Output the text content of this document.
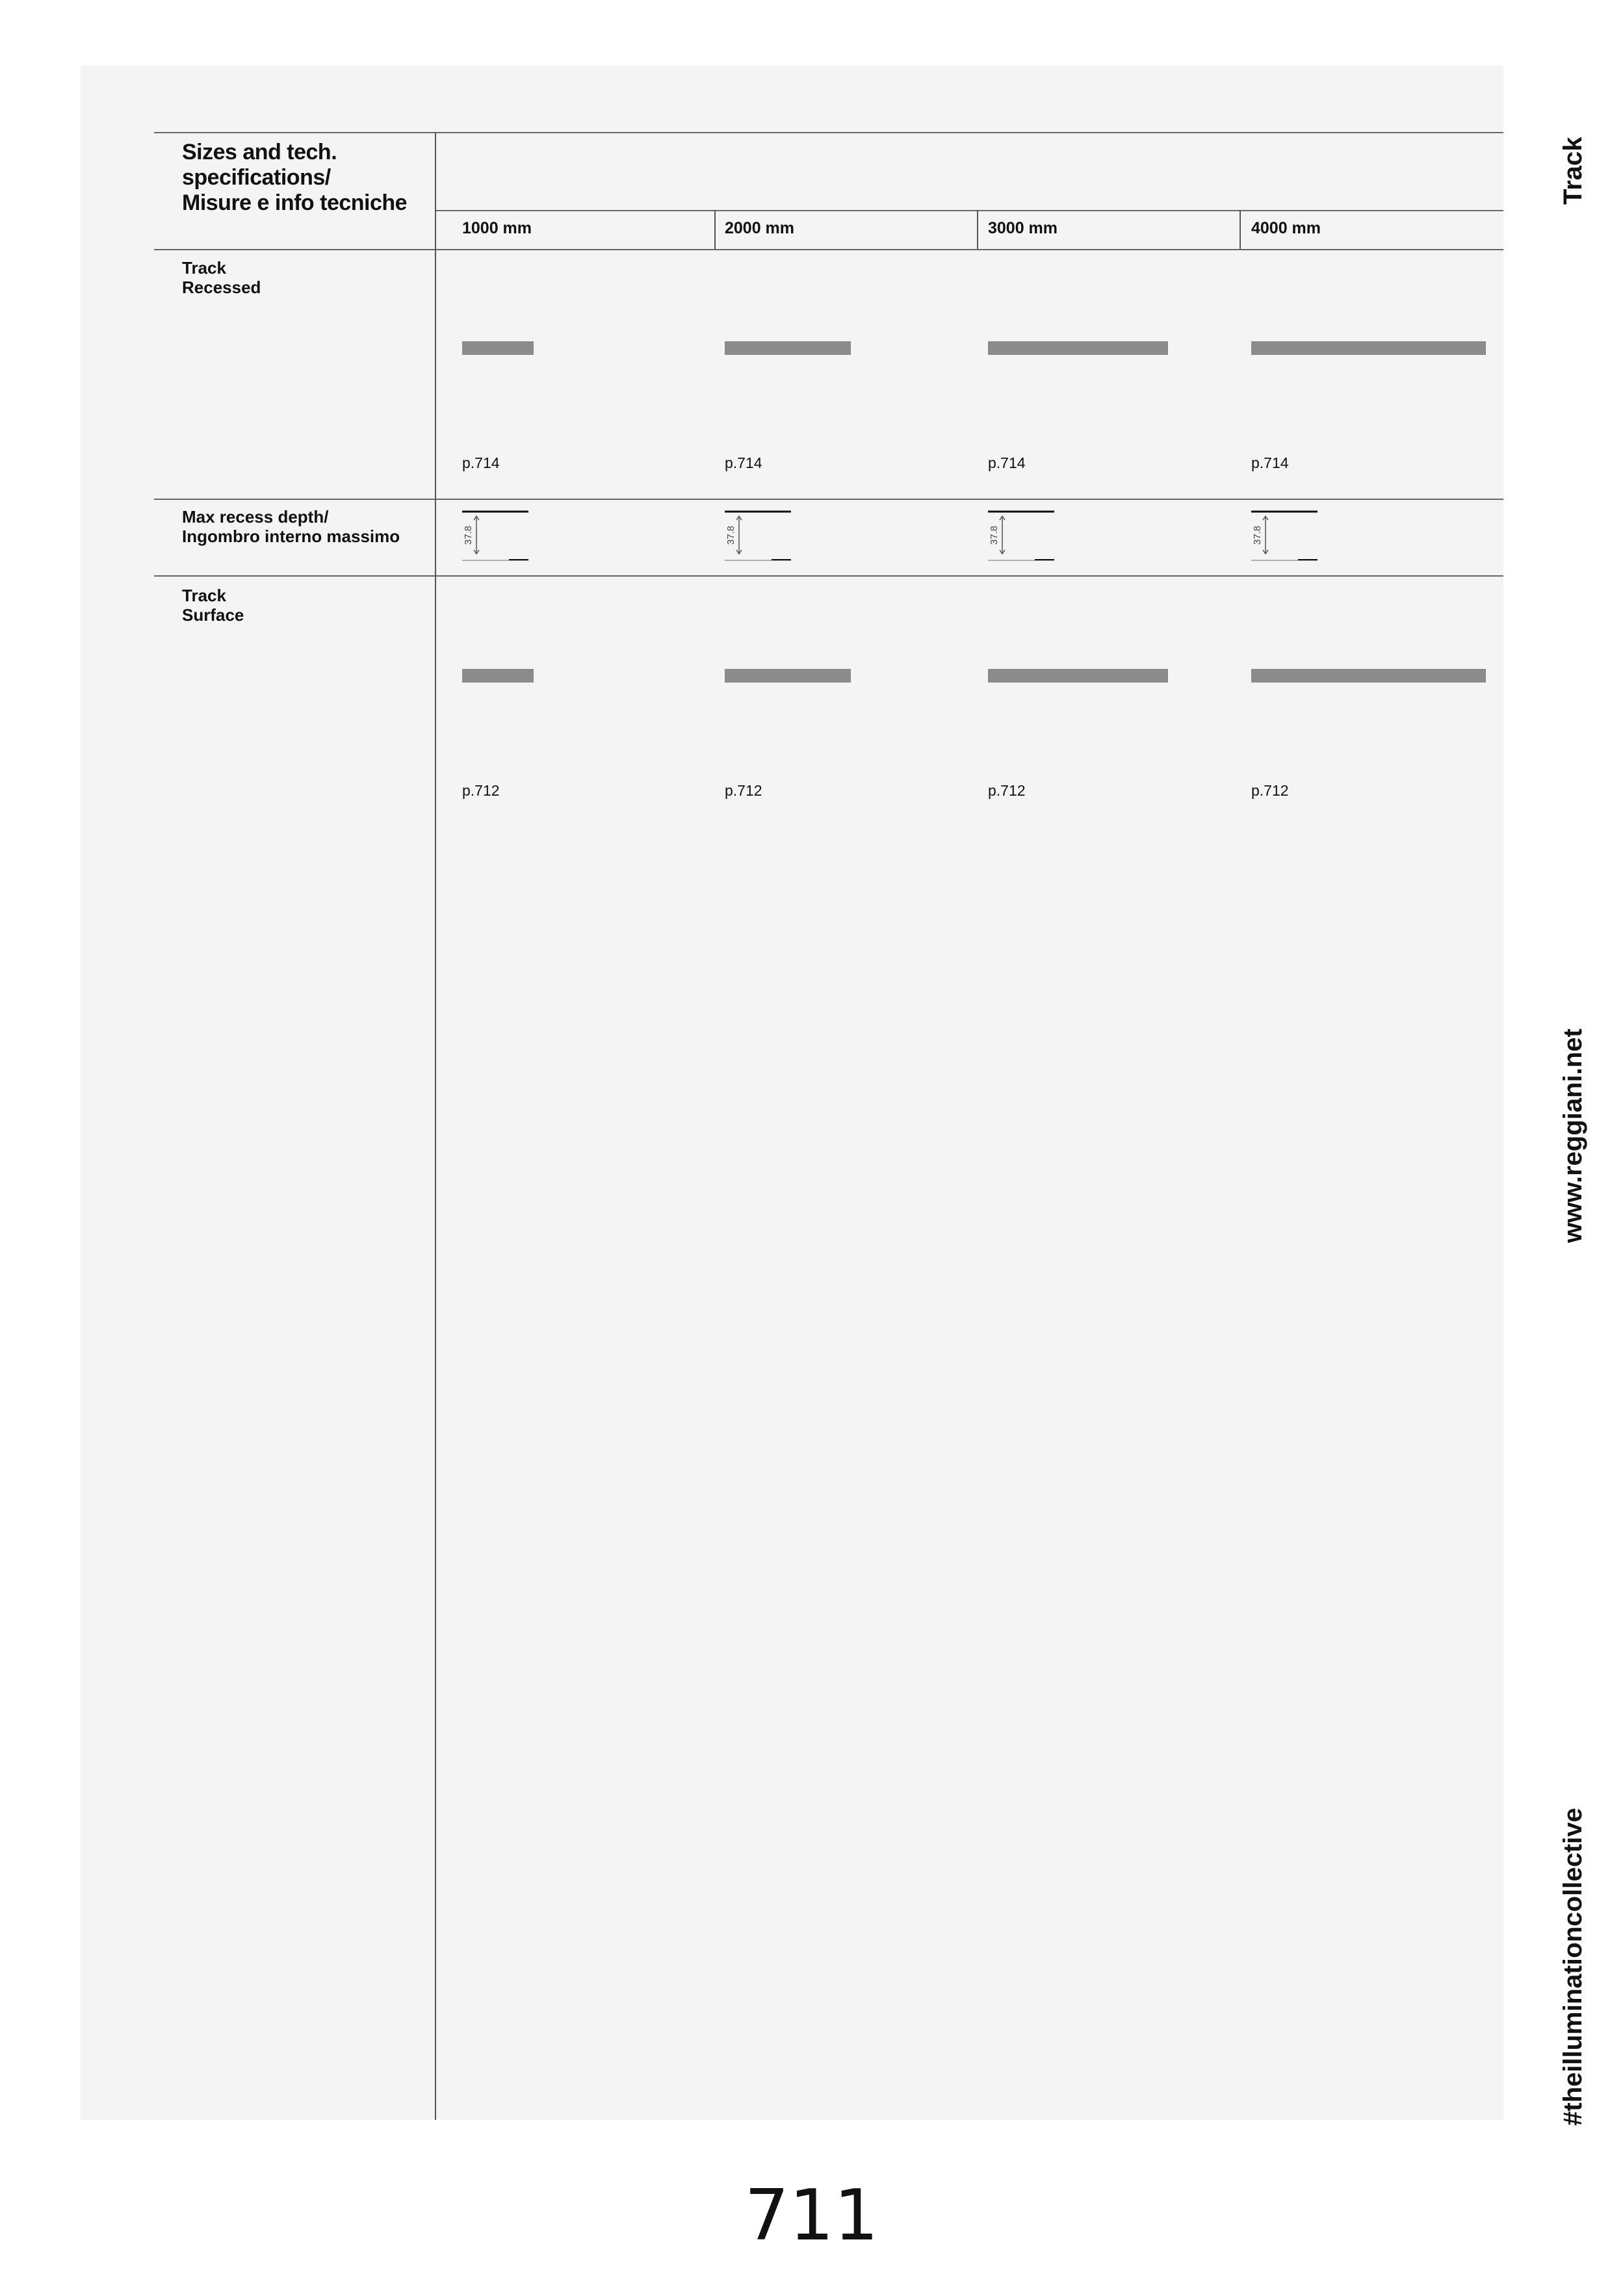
Sizes and tech.
specifications/
Misure e info tecniche
1000 mm	2000 mm	3000 mm	4000 mm
Track
Recessed
p.714	p.714	p.714	p.714
Max recess depth/
Ingombro interno massimo	37.8	37.8	37.8	37.8
Track
Surface
p.712	p.712	p.712	p.712
Track
www.reggiani.net
#theilluminationcollective
711
